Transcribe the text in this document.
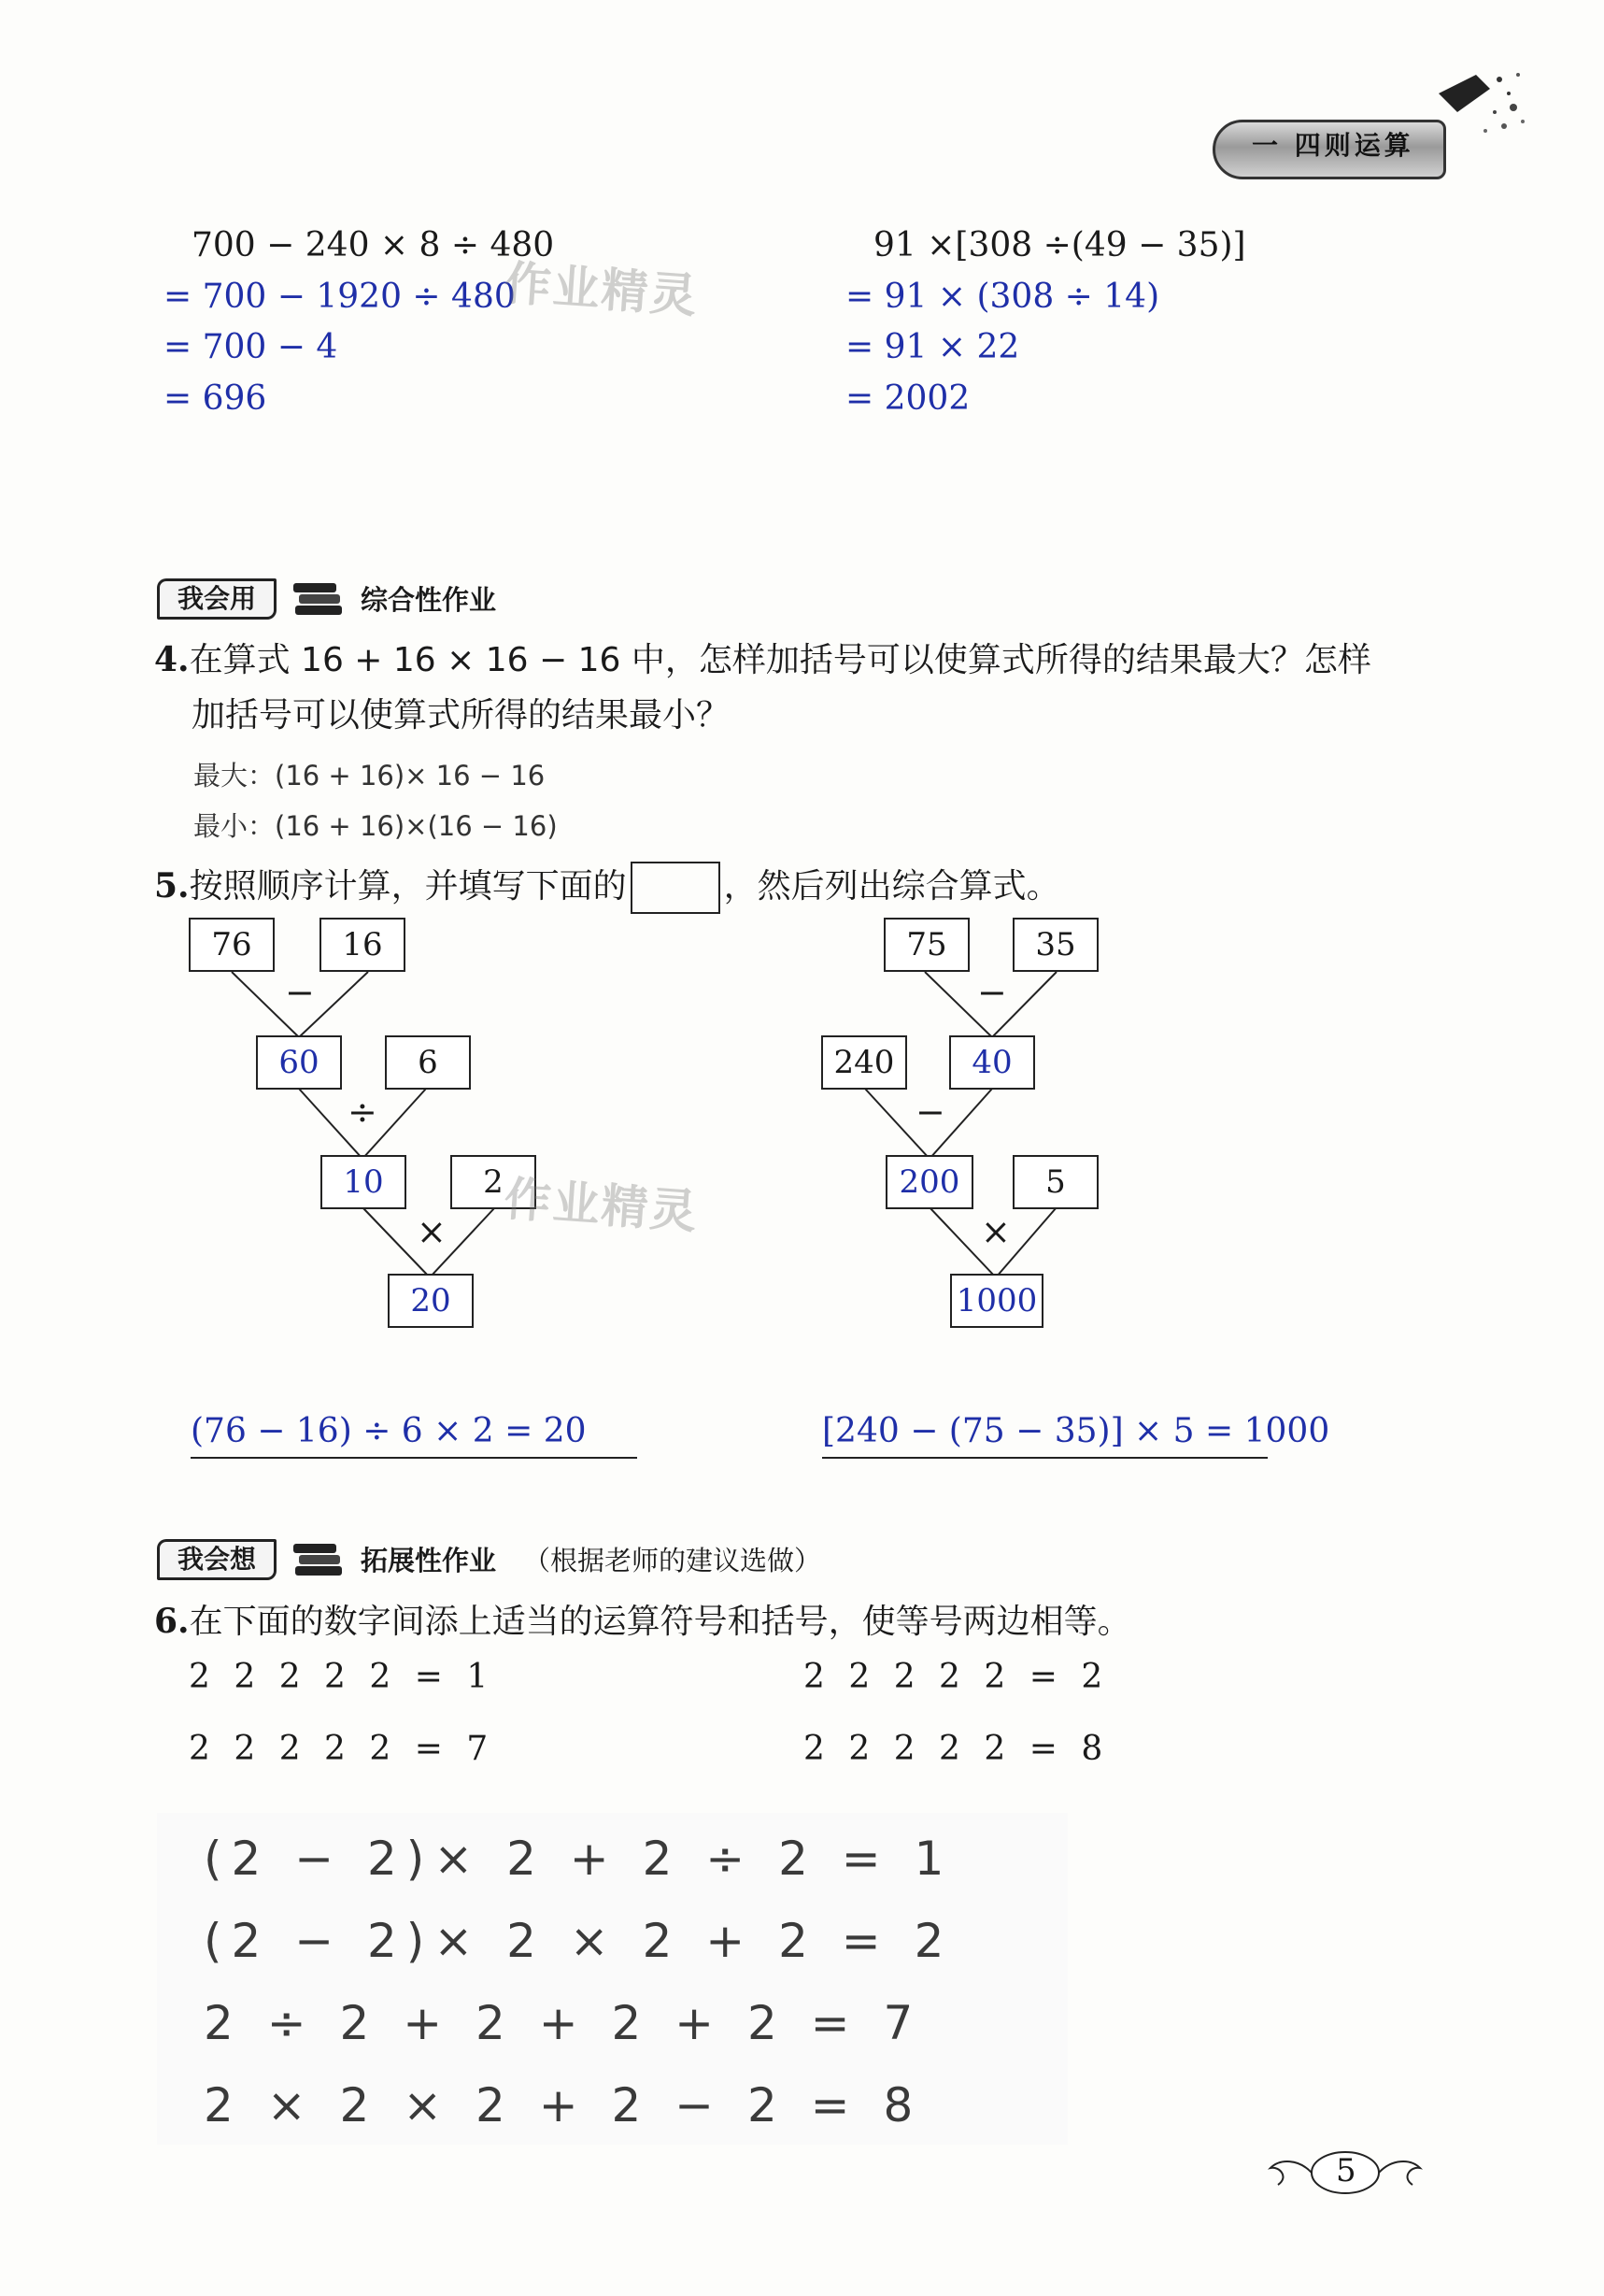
一 四则运算
700 − 240 × 8 ÷ 480
= 700 − 1920 ÷ 480
= 700 − 4
= 696
91 ×[308 ÷(49 − 35)]
= 91 × (308 ÷ 14)
= 91 × 22
= 2002
作业精灵
我会用	综合性作业
4.在算式 16 + 16 × 16 − 16 中，怎样加括号可以使算式所得的结果最大？怎样
加括号可以使算式所得的结果最小？
最大：(16 + 16)× 16 − 16
最小：(16 + 16)×(16 − 16)
5.按照顺序计算，并填写下面的	，然后列出综合算式。
76	16
−
60	6
÷
10	2
×
20
75	35
−
240	40
−
200	5
×
1000
作业精灵
(76 − 16) ÷ 6 × 2 = 20	[240 − (75 − 35)] × 5 = 1000
我会想	拓展性作业 （根据老师的建议选做）
6.在下面的数字间添上适当的运算符号和括号，使等号两边相等。
2 2 2 2 2 = 1	2 2 2 2 2 = 2
2 2 2 2 2 = 7	2 2 2 2 2 = 8
(2 − 2)× 2 + 2 ÷ 2 = 1
(2 − 2)× 2 × 2 + 2 = 2
2 ÷ 2 + 2 + 2 + 2 = 7
2 × 2 × 2 + 2 − 2 = 8
5
